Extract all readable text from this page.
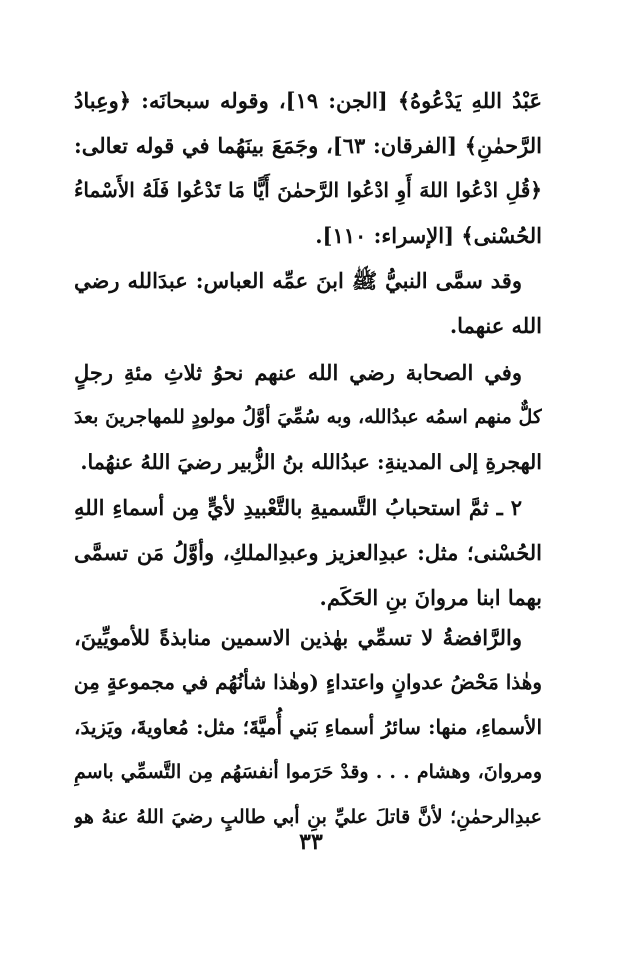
عَبْدُ اللهِ يَدْعُوهُ﴾ [الجن: ١٩]، وقوله سبحانَه: ﴿وعِبادُ
الرَّحمٰنِ﴾ [الفرقان: ٦٣]، وجَمَعَ بينَهُما في قوله تعالى:
﴿قُلِ ادْعُوا اللهَ أَوِ ادْعُوا الرَّحمٰنَ أَيًّا مَا تَدْعُوا فَلَهُ الأَسْماءُ
الحُسْنى﴾ [الإسراء: ١١٠].
وقد سمَّى النبيُّ ﷺ ابنَ عمِّه العباس: عبدَالله رضي
الله عنهما.
وفي الصحابة رضي الله عنهم نحوُ ثلاثِ مئةِ رجلٍ
كلٌّ منهم اسمُه عبدُالله، وبه سُمِّيَ أوَّلُ مولودٍ للمهاجرينَ بعدَ
الهجرةِ إلى المدينةِ: عبدُالله بنُ الزُّبير رضيَ اللهُ عنهُما.
٢ ـ ثمَّ استحبابُ التَّسميةِ بالتَّعْبيدِ لأيٍّ مِن أسماءِ اللهِ
الحُسْنى؛ مثل: عبدِالعزيز وعبدِالملكِ، وأوَّلُ مَن تسمَّى
بهما ابنا مروانَ بنِ الحَكَم.
والرَّافضةُ لا تسمِّي بهٰذين الاسمين منابذةً للأمويِّينَ،
وهٰذا مَحْضُ عدوانٍ واعتداءٍ (وهٰذا شأنُهُم في مجموعةٍ مِن
الأسماءِ، منها: سائرُ أسماءِ بَني أُميَّةَ؛ مثل: مُعاويةَ، ويَزيدَ،
ومروانَ، وهشام . . . وقدْ حَرَموا أنفسَهُم مِن التَّسمِّي باسمِ
عبدِالرحمٰنِ؛ لأنَّ قاتلَ عليِّ بنِ أبي طالبٍ رضيَ اللهُ عنهُ هو
٣٣
